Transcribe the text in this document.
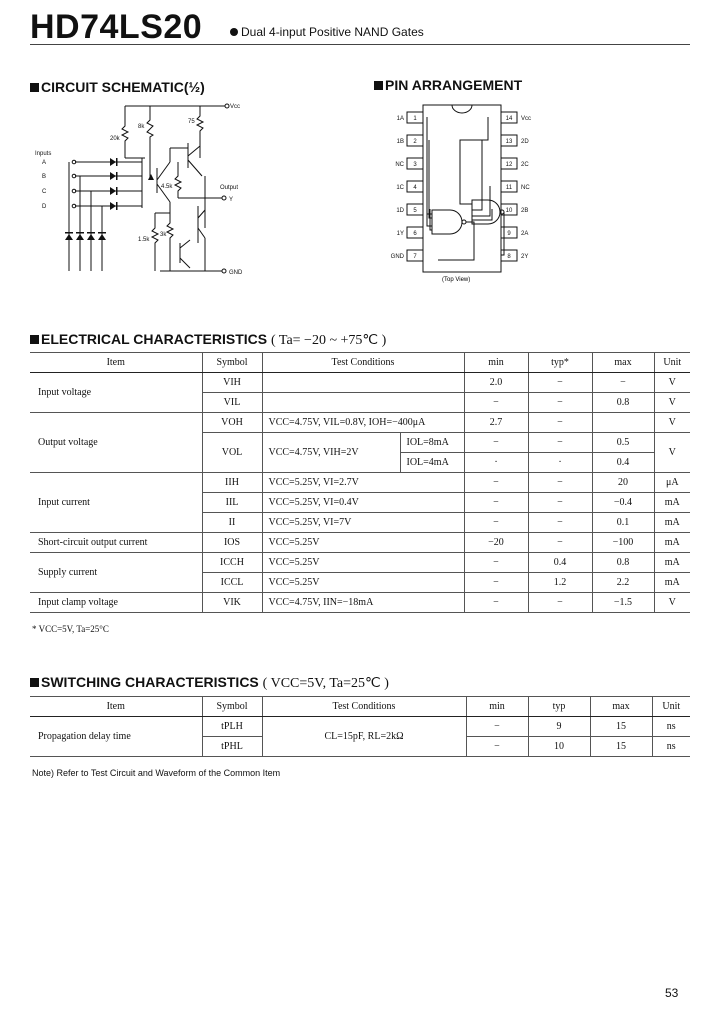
HD74LS20	Dual 4-input Positive NAND Gates
CIRCUIT SCHEMATIC(½)
Vcc
Inputs
A
B
C
D
Output
Y
GND
20k
8k
75
4.5k
3k
1.5k
PIN ARRANGEMENT
1A 1	14 Vcc
1B 2	13 2D
NC 3	12 2C
1C 4	11 NC
1D 5	10 2B
1Y 6	9 2A
GND 7	8 2Y
(Top View)
ELECTRICAL CHARACTERISTICS ( Ta= −20 ~ +75℃ )
Item	Symbol	Test Conditions		min	typ*	max	Unit
Input voltage	VIH			2.0	−	−	V
	VIL			−	−	0.8	V
Output voltage	VOH	VCC=4.75V, VIL=0.8V, IOH=−400μA		2.7	−		V
	VOL	VCC=4.75V, VIH=2V	IOL=8mA	−	−	0.5	V
			IOL=4mA	·	·	0.4	
Input current	IIH	VCC=5.25V, VI=2.7V		−	−	20	μA
	IIL	VCC=5.25V, VI=0.4V		−	−	−0.4	mA
	II	VCC=5.25V, VI=7V		−	−	0.1	mA
Short-circuit output current	IOS	VCC=5.25V		−20	−	−100	mA
Supply current	ICCH	VCC=5.25V		−	0.4	0.8	mA
	ICCL	VCC=5.25V		−	1.2	2.2	mA
Input clamp voltage	VIK	VCC=4.75V, IIN=−18mA		−	−	−1.5	V
* VCC=5V, Ta=25°C
SWITCHING CHARACTERISTICS ( VCC=5V, Ta=25℃ )
Item	Symbol	Test Conditions	min	typ	max	Unit
Propagation delay time	tPLH	CL=15pF, RL=2kΩ	−	9	15	ns
	tPHL		−	10	15	ns
Note) Refer to Test Circuit and Waveform of the Common Item
53
